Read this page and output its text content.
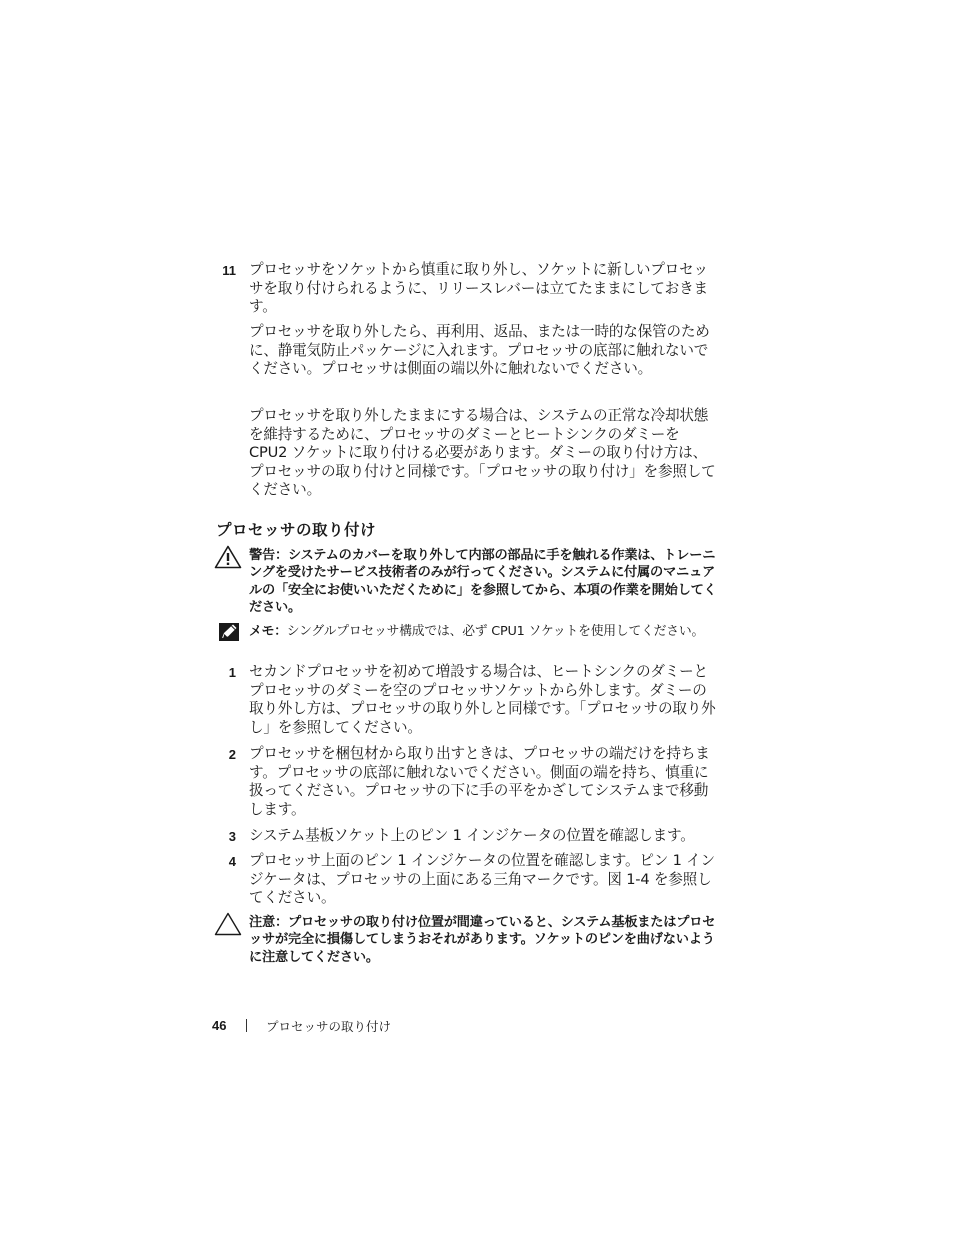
11 プロセッサをソケットから慎重に取り外し、ソケットに新しいプロセッサを取り付けられるように、リリースレバーは立てたままにしておきます。
プロセッサを取り外したら、再利用、返品、または一時的な保管のために、静電気防止パッケージに入れます。プロセッサの底部に触れないでください。プロセッサは側面の端以外に触れないでください。
プロセッサを取り外したままにする場合は、システムの正常な冷却状態を維持するために、プロセッサのダミーとヒートシンクのダミーを CPU2 ソケットに取り付ける必要があります。ダミーの取り付け方は、プロセッサの取り付けと同様です。「プロセッサの取り付け」を参照してください。
プロセッサの取り付け
警告：システムのカバーを取り外して内部の部品に手を触れる作業は、トレーニングを受けたサービス技術者のみが行ってください。システムに付属のマニュアルの「安全にお使いいただくために」を参照してから、本項の作業を開始してください。
メモ：シングルプロセッサ構成では、必ず CPU1 ソケットを使用してください。
1 セカンドプロセッサを初めて増設する場合は、ヒートシンクのダミーとプロセッサのダミーを空のプロセッサソケットから外します。ダミーの取り外し方は、プロセッサの取り外しと同様です。「プロセッサの取り外し」を参照してください。
2 プロセッサを梱包材から取り出すときは、プロセッサの端だけを持ちます。プロセッサの底部に触れないでください。側面の端を持ち、慎重に扱ってください。プロセッサの下に手の平をかざしてシステムまで移動します。
3 システム基板ソケット上のピン 1 インジケータの位置を確認します。
4 プロセッサ上面のピン 1 インジケータの位置を確認します。ピン 1 インジケータは、プロセッサの上面にある三角マークです。図 1-4 を参照してください。
注意：プロセッサの取り付け位置が間違っていると、システム基板またはプロセッサが完全に損傷してしまうおそれがあります。ソケットのピンを曲げないように注意してください。
46	プロセッサの取り付け
